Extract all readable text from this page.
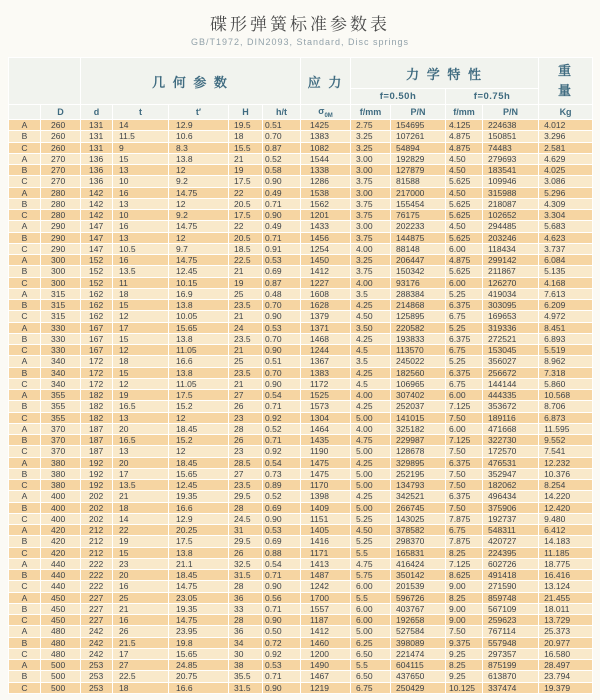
碟形弹簧标准参数表
GB/T1972, DIN2093, Standard, Disc springs
		几 何 参 数					应 力	力 学 特 性				重
量
								f=0.50h		f=0.75h		
	D	d	t	t′	H	h/t	$\sigma_{0M}$	f/mm	P/N	f/mm	P/N	Kg
A	260	131	14	12.9	19.5	0.51	1425	2.75	154695	4.125	224638	4.012
B	260	131	11.5	10.6	18	0.70	1383	3.25	107261	4.875	150851	3.296
C	260	131	9	8.3	15.5	0.87	1082	3.25	54894	4.875	74483	2.581
A	270	136	15	13.8	21	0.52	1544	3.00	192829	4.50	279693	4.629
B	270	136	13	12	19	0.58	1338	3.00	127879	4.50	183541	4.025
C	270	136	10	9.2	17.5	0.90	1286	3.75	81588	5.625	109946	3.086
A	280	142	16	14.75	22	0.49	1538	3.00	217000	4.50	315988	5.296
B	280	142	13	12	20.5	0.71	1562	3.75	155454	5.625	218087	4.309
C	280	142	10	9.2	17.5	0.90	1201	3.75	76175	5.625	102652	3.304
A	290	147	16	14.75	22	0.49	1433	3.00	202233	4.50	294485	5.683
B	290	147	13	12	20.5	0.71	1456	3.75	144875	5.625	203246	4.623
C	290	147	10.5	9.7	18.5	0.91	1254	4.00	88148	6.00	118434	3.737
A	300	152	16	14.75	22.5	0.53	1450	3.25	206447	4.875	299142	6.084
B	300	152	13.5	12.45	21	0.69	1412	3.75	150342	5.625	211867	5.135
C	300	152	11	10.15	19	0.87	1227	4.00	93176	6.00	126270	4.168
A	315	162	18	16.9	25	0.48	1608	3.5	288384	5.25	419034	7.613
B	315	162	15	13.8	23.5	0.70	1628	4.25	214868	6.375	303095	6.209
C	315	162	12	10.05	21	0.90	1379	4.50	125895	6.75	169653	4.972
A	330	167	17	15.65	24	0.53	1371	3.50	220582	5.25	319336	8.451
B	330	167	15	13.8	23.5	0.70	1468	4.25	193833	6.375	272521	6.893
C	330	167	12	11.05	21	0.90	1244	4.5	113570	6.75	153045	5.519
A	340	172	18	16.6	25	0.51	1367	3.5	245022	5.25	356027	8.962
B	340	172	15	13.8	23.5	0.70	1383	4.25	182560	6.375	256672	7.318
C	340	172	12	11.05	21	0.90	1172	4.5	106965	6.75	144144	5.860
A	355	182	19	17.5	27	0.54	1525	4.00	307402	6.00	444335	10.568
B	355	182	16.5	15.2	26	0.71	1573	4.25	252037	7.125	353672	8.706
C	355	182	13	12	23	0.92	1304	5.00	141015	7.50	189116	6.873
A	370	187	20	18.45	28	0.52	1464	4.00	325182	6.00	471668	11.595
B	370	187	16.5	15.2	26	0.71	1435	4.75	229987	7.125	322730	9.552
C	370	187	13	12	23	0.92	1190	5.00	128678	7.50	172570	7.541
A	380	192	20	18.45	28.5	0.54	1475	4.25	329895	6.375	476531	12.232
B	380	192	17	15.65	27	0.73	1475	5.00	252195	7.50	352947	10.376
C	380	192	13.5	12.45	23.5	0.89	1170	5.00	134793	7.50	182062	8.254
A	400	202	21	19.35	29.5	0.52	1398	4.25	342521	6.375	496434	14.220
B	400	202	18	16.6	28	0.69	1409	5.00	266745	7.50	375906	12.420
C	400	202	14	12.9	24.5	0.90	1151	5.25	143025	7.875	192737	9.480
A	420	212	22	20.25	31	0.53	1405	4.50	378582	6.75	548311	6.412
B	420	212	19	17.5	29.5	0.69	1416	5.25	298370	7.875	420727	14.183
C	420	212	15	13.8	26	0.88	1171	5.5	165831	8.25	224395	11.185
A	440	222	23	21.1	32.5	0.54	1413	4.75	416424	7.125	602726	18.775
B	440	222	20	18.45	31.5	0.71	1487	5.75	350142	8.625	491418	16.416
C	440	222	16	14.75	28	0.90	1242	6.00	201539	9.00	271590	13.124
A	450	227	25	23.05	36	0.56	1700	5.5	596726	8.25	859748	21.455
B	450	227	21	19.35	33	0.71	1557	6.00	403767	9.00	567109	18.011
C	450	227	16	14.75	28	0.90	1187	6.00	192658	9.00	259623	13.729
A	480	242	26	23.95	36	0.50	1412	5.00	527584	7.50	767114	25.373
B	480	242	21.5	19.8	34	0.72	1460	6.25	398089	9.375	557948	20.977
C	480	242	17	15.65	30	0.92	1200	6.50	221474	9.25	297357	16.580
A	500	253	27	24.85	38	0.53	1490	5.5	604115	8.25	875199	28.497
B	500	253	22.5	20.75	35.5	0.71	1467	6.50	437650	9.25	613870	23.794
C	500	253	18	16.6	31.5	0.90	1219	6.75	250429	10.125	337474	19.379
